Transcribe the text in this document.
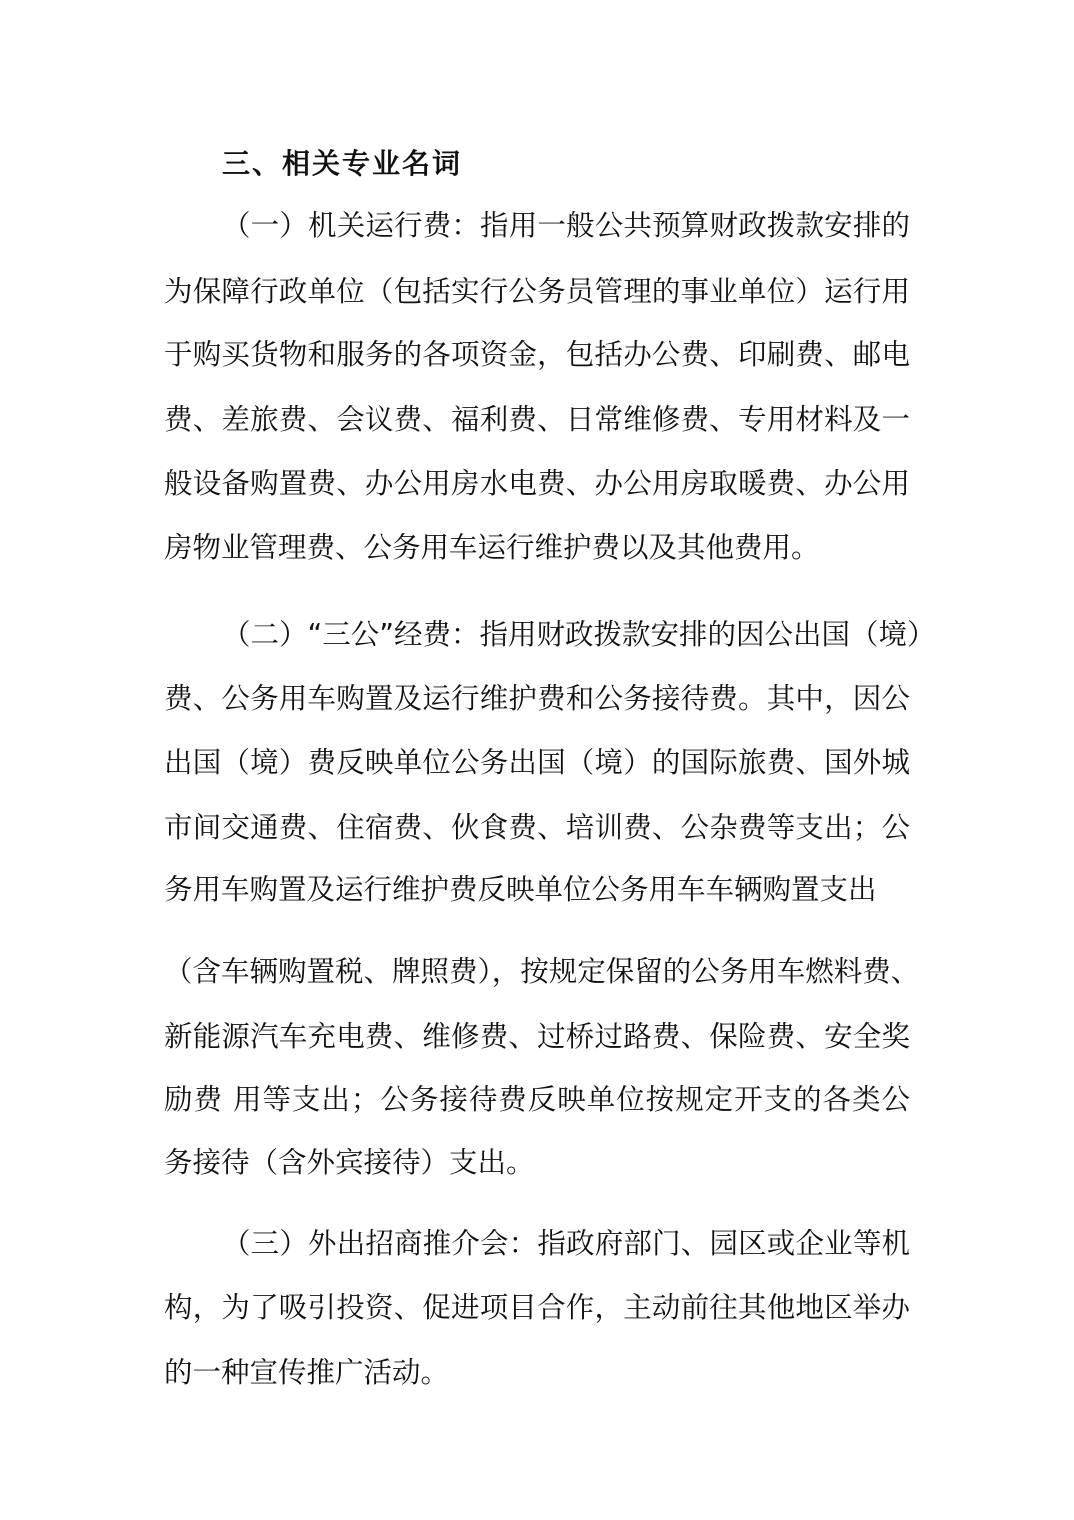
三、相关专业名词
（一）机关运行费：指用一般公共预算财政拨款安排的
为保障行政单位（包括实行公务员管理的事业单位）运行用
于购买货物和服务的各项资金，包括办公费、印刷费、邮电
费、差旅费、会议费、福利费、日常维修费、专用材料及一
般设备购置费、办公用房水电费、办公用房取暖费、办公用
房物业管理费、公务用车运行维护费以及其他费用。
（二）“三公”经费：指用财政拨款安排的因公出国（境）
费、公务用车购置及运行维护费和公务接待费。其中，因公
出国（境）费反映单位公务出国（境）的国际旅费、国外城
市间交通费、住宿费、伙食费、培训费、公杂费等支出；公
务用车购置及运行维护费反映单位公务用车车辆购置支出
（含车辆购置税、牌照费），按规定保留的公务用车燃料费、
新能源汽车充电费、维修费、过桥过路费、保险费、安全奖
励费 用等支出；公务接待费反映单位按规定开支的各类公
务接待（含外宾接待）支出。
（三）外出招商推介会：指政府部门、园区或企业等机
构，为了吸引投资、促进项目合作，主动前往其他地区举办
的一种宣传推广活动。
